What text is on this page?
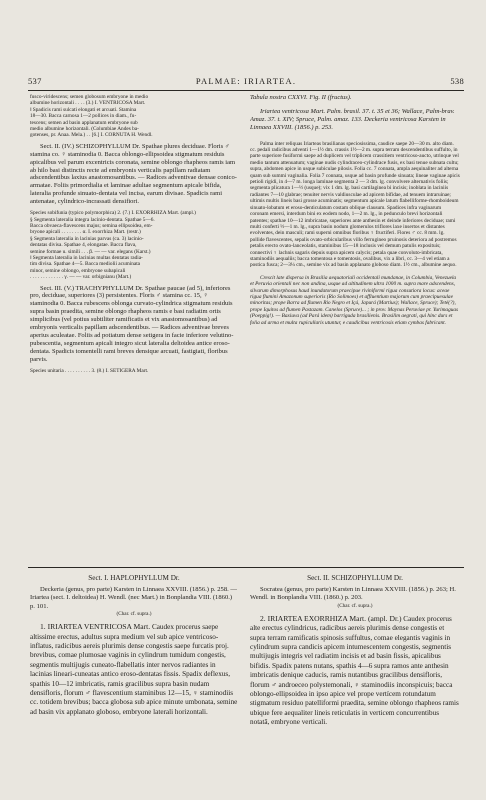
537	PALMAE: IRIARTEA.	538
fusco-viridescens; semen globosum embryone in medio
albumine horizontali . . . . (3.) I. VENTRICOSA Mart.
‖ Spadicis rami sulcati elongati et arcuati. Stamina
18—30. Bacca carnosa 1—2 pollices in diam., fu-
tescens; semen ad basin applanatum embryone sub
medio albumine horizontali. (Columbiae Andes ba-
gotenses, pr. Anaa. Mela.) . . [6.] I. CORNUTA H. Wendl.

Sect. II. (IV.) SCHIZOPHYLLUM Dr. Spathae plures deciduae. Floris ♂ stamina co. ♀ staminodia 0. Bacca oblongo-ellipsoidea stigmatum residuis apicalibus vel parum excentricis coronata, semine oblongo rhapheos ramis iam ab hilo basi distinctis recte ad embryonis verticalis papillam radiatam adscendentibus laxius anastomosantibus. — Radices adventivae densae conico-armatae. Foliis primordialia et laminae adultae segmentum apicale bifida, lateralia profunde sinuato-dentata vel incisa, earum divisae. Spadicis rami antenatae, cylindrico-incrassati densifiori.

Species sobifunia (typico polymorphica) 2. (7.) I. EXORRHIZA Mart. (ampl.)
§ Segmenta lateralia integra lacinio-dentata. Spathae 5—6.
Bacca obvaeca-flavescens majus; semina ellipsoidea, em-
bryone apicali . . . . . . . . α. I. exorrhiza Mart. (restr.)
§ Segmenta lateralia in lacinias parvas (ca. 3) lacinio-
dentatas divisa. Spathae 4, elongatae. Bacca flava,
semine formae u. simili . . . β. — — var. elegans (Karst.)
‖ Segmenta lateralia in lacinias multas dentatas radia-
tim divisa. Spathae 4—5. Bacca mediolii acuminata
minor, semine oblongo, embryone subapicali
. . . . . . . . . . . . . γ. — — var. orbignianu (Mart.)

Sect. III. (V.) TRACHYPHYLLUM Dr. Spathae paucae (ad 5), inferiores pro, deciduae, superiores (3) persistentes. Floris ♂ stamina cc. 15, ♀ staminodia 0. Bacca rubescens oblonga curvato-cylindrica stigmatum residuis supra basin praedita, semine oblongo rhapheos ramis e basi radiatim ortis simplicibus (vel potius subtiliter ramificatis et vix anastomosantibus) ad embryonis verticalis papillam adscendentibus. — Radices adventivae breves aperius aculeatae. Foliis ad potiatum dense setigera in facie inferiore velutino-pubescentia, segmentum apicali integro sicut lateralia deltoidea antice eroso-dentata. Spadicis tomentelli rami breves densique arcuati, fastigiati, floribus parvis.

Species unitaria . . . . . . . . . . 3. (8.) I. SETIGERA Mart.
Tabula nostra CXXVI. Fig. II (fructus).

Iriartea ventricosa Mart. Palm. brasil. 37. t. 35 et 36; Wallace, Palm-brav. Amaz. 37. t. XIV; Spruce, Palm. amaz. 133. Deckeria ventricosa Karsten in Linnaea XXVIII. (1856.) p. 253.

Palma inter reliquas Iriarteas brasilianas speciosissima, caudice saepe 20—30 m. alto diam. cc. pedali radicibus adventi 1—1½ dm. crassis 1½—2 m. supra terram descendentibus suffulto, in parte superiore fusiformi saepe ad duplicem vel triplicem crassitiem ventricoso-aucto, utrinque vel medio tantum attenuatum; vaginae nudis cylindraceo-cylindrace fusis, ex basi tenue subnata cultu; supra, abdomen apice in usque subiculae pilosis. Folia cc. 7 connata, ampla aequinaliter ad alterna quam sub summi vaginalia. Folia 7 connata, usque ad basin profunde sinuata; lineae vaginae apicis petioli rigidi, in 4—7 m. longa laminae segmenta 2 — 3 dm. lg. convolvere alternativis foliis; segmenta plicatura 1—½ (usque); vix 1 dm. lg. basi cartilaginea bi incisis; inoblata in laciniis radiantes 7—10 glabrae; tenuiter nervis valdiusculae ad apicem bifidae, ad tenuem intraruinae; ultimis multis lineis basi grosse acuminatis; segmentum apicale latum flabelliforme-rhomboideum sinuato-lobatum et eroso-denticulatum costam oblique clausum. Spadices infra vaginarum coronam emersi, interdum bini ex eodem nodo, 1—2 m. lg., in pedunculo brevi horizontali patentes; spathae 10—12 imbricatae, superiores ante anthesin et deinde inferiores deciduae; rami multi conferti ½—1 m. lg., supra basin nodum glomerulos triflores laxe insertos et distantes evolventes, dein masculi; rami superni omnibus floribus ♀ fructiferi. Flores ♂ cc. 8 mm. lg. pollide flavescentes, sepalis ovato-orbicularibus villo ferrugineo pruinosis deteriora ad postremos petalis erecto ovato-lanceolatis, staminibus 15—18 inclusis vel demum patulis exposituis; connectivi ♀ lachnis sagaris depuis supra apicem calycis; petala quae convoluto-imbricata, staminodiis aequaliis; bacca tomentosa e tomentosis, ovalibus, vix a libri, cc. 3—4 vel etiam a postica fusca; 2—3¼ cm., semine vix ad basin applanato globoso diam. 1½ cm., albumine aequo.

Crescit late dispersa in Brasilia aequatoriali occidentali mundanae, in Columbia, Venezuela et Peruvia orientali nec non andina, usque ad altitudinem ultra 1000 m. supra mare adscendens, silvarum dimorphosus haud inundatorum praecipue riviniformi rigua consutiora locus: aceae rigua flumini Amazonum superioris (Rio Solimoes) et affluentium majorum cum praecipuesulae minoritas; prope Barra ad flumen Rio Negro et Içá, Japurá (Martius); Wallace, Spruce); Teté(?), prope Iquitos ad flumen Pastazam. Canelos (Spruce)... ; in prov. Maynas Peruviae pr. Yurimaguas (Poeppig!). — Baxiuva (ad Pará idem) barriguda brasilienis. Brasilim aegrati, qui hinc durs et folia ad arma et multa rupicullaris utuntur, e caudicibus ventricosis etiam cymbas fabricant.

Sect. I. HAPLOPHYLLUM Dr.

Deckeria (genus, pro parte) Karsten in Linnaea XXVIII. (1856.) p. 258. — Iriartea (sect. I. deltoidea) H. Wendl. (nec Mart.) in Bonplandia VIII. (1860.) p. 101.

(Char. cf. supra.)

1. IRIARTEA VENTRICOSA Mart. Caudex procerus saepe altissime erectus, adultus supra medium vel sub apice ventricoso-inflatus, radicibus aereis plurimis dense congestis saepe furcatis proj. brevibus, comae plumosae vaginis in cylindrum tumidum congestis, segmentis multijugis cuneato-flabellatis inter nervos radiantes in lacinias lineari-cuneatas antico eroso-dentatas fissis. Spadix deflexus, spathis 10—12 imbricatis, ramis gracilibus supra basin nudam densifloris, florum ♂ flavescentium staminibus 12—15, ♀ staminodiis cc. totidem brevibus; bacca globosa sub apice minute umbonata, semine ad basin vix applanato globoso, embryone laterali horizontali.

Sect. II. SCHIZOPHYLLUM Dr.

Socratea (genus, pro parte) Karsten in Linnaea XXVIII. (1856.) p. 263; H. Wendl. in Bonplandia VIII. (1860.) p. 203.

(Char. cf. supra.)

2. IRIARTEA EXORRHIZA Mart. (ampl. Dr.) Caudex procerus alte erectus cylindricus, radicibus aereis plurimis dense congestis et supra terram ramificatis spinosis suffultus, comae elegantis vaginis in cylindrum supra candicis apicem intumescentem congestis, segmentis multijugis integris vel radiatim incisis et ad basin fissis, apicalibus bifidis. Spadix patens nutans, spathis 4—6 supra ramos ante anthesin imbricatis denique caducis, ramis nutantibus gracilibus densifloris, florum ♂ androeceo polystemonali, ♀ staminodiis inconspicuis; bacca oblongo-ellipsoidea in ipso apice vel prope vertícem rotundatum stigmatum residuo patelliformi praedita, semine oblongo rhapheos ramis ubique fere aequaliter lineis reticulatis in verticem concurrentibus notatā, embryone verticali.
